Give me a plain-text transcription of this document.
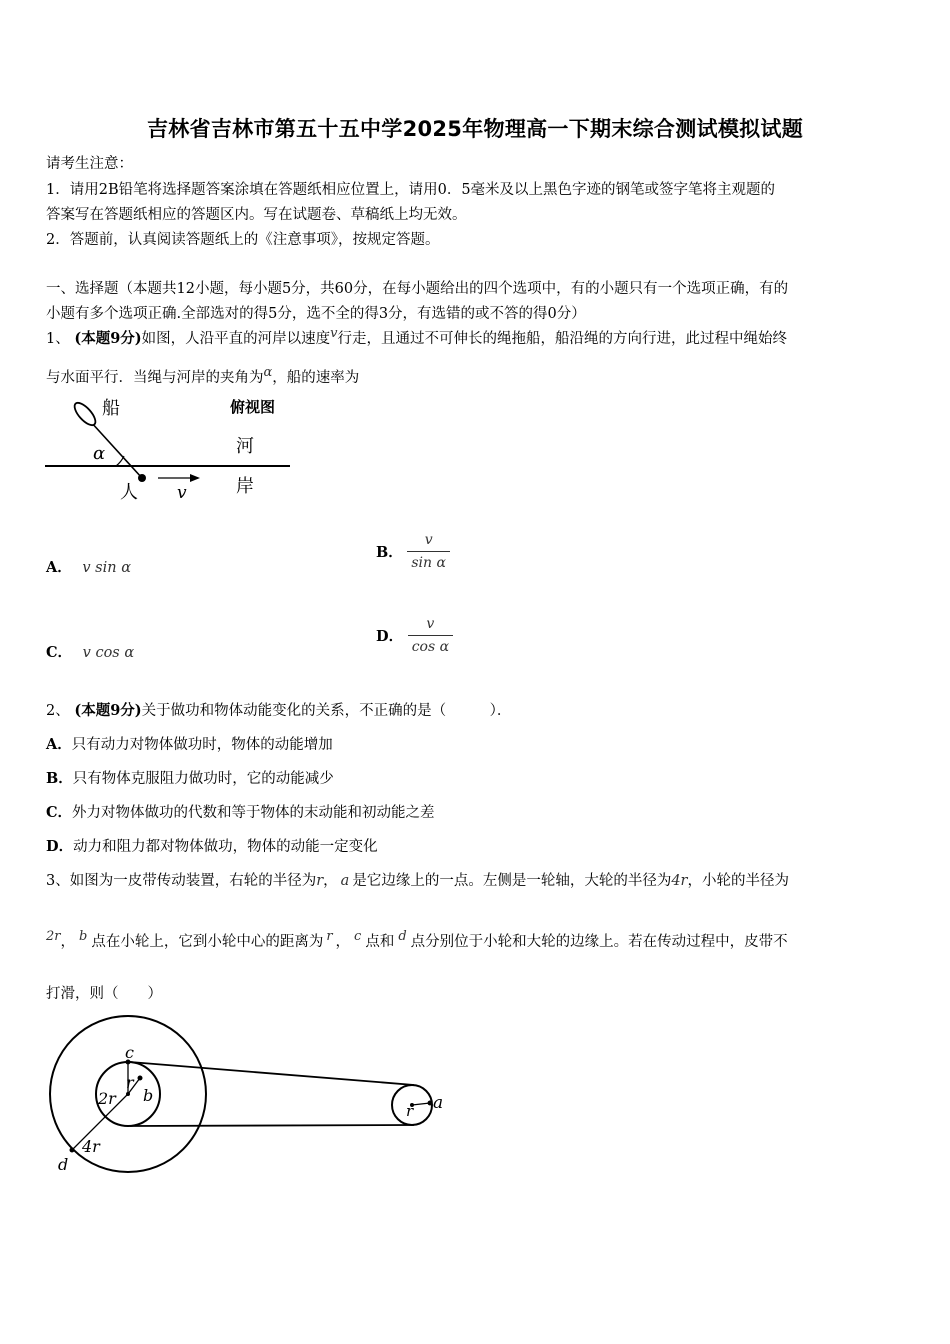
吉林省吉林市第五十五中学2025年物理高一下期末综合测试模拟试题
请考生注意：
1．请用2B铅笔将选择题答案涂填在答题纸相应位置上，请用0．5毫米及以上黑色字迹的钢笔或签字笔将主观题的
答案写在答题纸相应的答题区内。写在试题卷、草稿纸上均无效。
2．答题前，认真阅读答题纸上的《注意事项》，按规定答题。
一、选择题（本题共12小题，每小题5分，共60分，在每小题给出的四个选项中，有的小题只有一个选项正确，有的
小题有多个选项正确.全部选对的得5分，选不全的得3分，有选错的或不答的得0分）
1、 (本题9分)如图，人沿平直的河岸以速度v行走，且通过不可伸长的绳拖船，船沿绳的方向行进，此过程中绳始终
与水面平行．当绳与河岸的夹角为α，船的速率为
船	俯视图
河
岸
人
α
v
A． v sin α
B． $\frac{v}{\text{sin α}}$
C． v cos α
D． $\frac{v}{\text{cos α}}$
2、 (本题9分)关于做功和物体动能变化的关系，不正确的是（　　　）．
A．只有动力对物体做功时，物体的动能增加
B．只有物体克服阻力做功时，它的动能减少
C．外力对物体做功的代数和等于物体的末动能和初动能之差
D．动力和阻力都对物体做功，物体的动能一定变化
3、如图为一皮带传动装置，右轮的半径为r， a 是它边缘上的一点。左侧是一轮轴，大轮的半径为4r，小轮的半径为
2r， b 点在小轮上，它到小轮中心的距离为 r ， c 点和 d 点分别位于小轮和大轮的边缘上。若在传动过程中，皮带不
打滑，则（　　）
c
r
2r b
4r
d
r a
